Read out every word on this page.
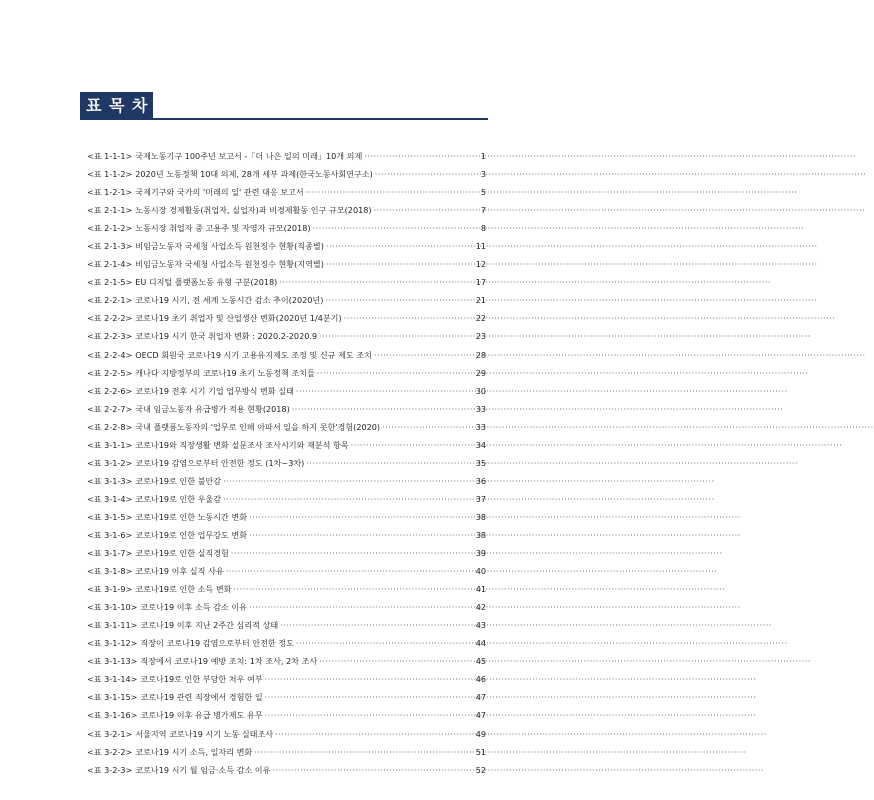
표 목 차
<표 1-1-1> 국제노동기구 100주년 보고서 -「더 나은 일의 미래」10개 의제 ·····	1
<표 1-1-2> 2020년 노동정책 10대 의제, 28개 세부 과제(한국노동사회연구소) ·····	3
<표 1-2-1> 국제기구와 국가의 '미래의 일' 관련 대응 보고서 ·····	5
<표 2-1-1> 노동시장 경제활동(취업자, 실업자)과 비경제활동 인구 규모(2018) ·····	7
<표 2-1-2> 노동시장 취업자 중 고용주 및 자영자 규모(2018) ·····	8
<표 2-1-3> 비임금노동자 국세청 사업소득 원천징수 현황(직종별) ·····	11
<표 2-1-4> 비임금노동자 국세청 사업소득 원천징수 현황(지역별) ·····	12
<표 2-1-5> EU 디지털 플랫폼노동 유형 구분(2018) ·····	17
<표 2-2-1> 코로나19 시기, 전 세계 노동시간 감소 추이(2020년) ·····	21
<표 2-2-2> 코로나19 초기 취업자 및 산업생산 변화(2020년 1/4분기) ·····	22
<표 2-2-3> 코로나19 시기 한국 취업자 변화 : 2020.2-2020.9 ·····	23
<표 2-2-4> OECD 회원국 코로나19 시기 고용유지제도 조정 및 신규 제도 조치 ·····	28
<표 2-2-5> 캐나다 지방정부의 코로나19 초기 노동정책 조치들 ·····	29
<표 2-2-6> 코로나19 전후 시기 기업 업무방식 변화 실태 ·····	30
<표 2-2-7> 국내 임금노동자 유급병가 적용 현황(2018) ·····	33
<표 2-2-8> 국내 플랫폼노동자의 '업무로 인해 아파서 일을 하지 못한'경험(2020) ·····	33
<표 3-1-1> 코로나19와 직장생활 변화 설문조사 조사시기와 재분석 항목 ·····	34
<표 3-1-2> 코로나19 감염으로부터 안전한 정도 (1차~3차) ·····	35
<표 3-1-3> 코로나19로 인한 불안감 ·····	36
<표 3-1-4> 코로나19로 인한 우울감 ·····	37
<표 3-1-5> 코로나19로 인한 노동시간 변화 ·····	38
<표 3-1-6> 코로나19로 인한 업무강도 변화 ·····	38
<표 3-1-7> 코로나19로 인한 실직경험 ·····	39
<표 3-1-8> 코로나19 이후 실직 사유 ·····	40
<표 3-1-9> 코로나19로 인한 소득 변화 ·····	41
<표 3-1-10> 코로나19 이후 소득 감소 이유 ·····	42
<표 3-1-11> 코로나19 이후 지난 2주간 심리적 상태 ·····	43
<표 3-1-12> 직장이 코로나19 감염으로부터 안전한 정도 ·····	44
<표 3-1-13> 직장에서 코로나19 예방 조치: 1차 조사, 2차 조사 ·····	45
<표 3-1-14> 코로나19로 인한 부당한 처우 여부 ·····	46
<표 3-1-15> 코로나19 관련 직장에서 경험한 일 ·····	47
<표 3-1-16> 코로나19 이후 유급 병가제도 유무 ·····	47
<표 3-2-1> 서울지역 코로나19 시기 노동 실태조사 ·····	49
<표 3-2-2> 코로나19 시기 소득, 일자리 변화 ·····	51
<표 3-2-3> 코로나19 시기 월 임금·소득 감소 이유 ·····	52
